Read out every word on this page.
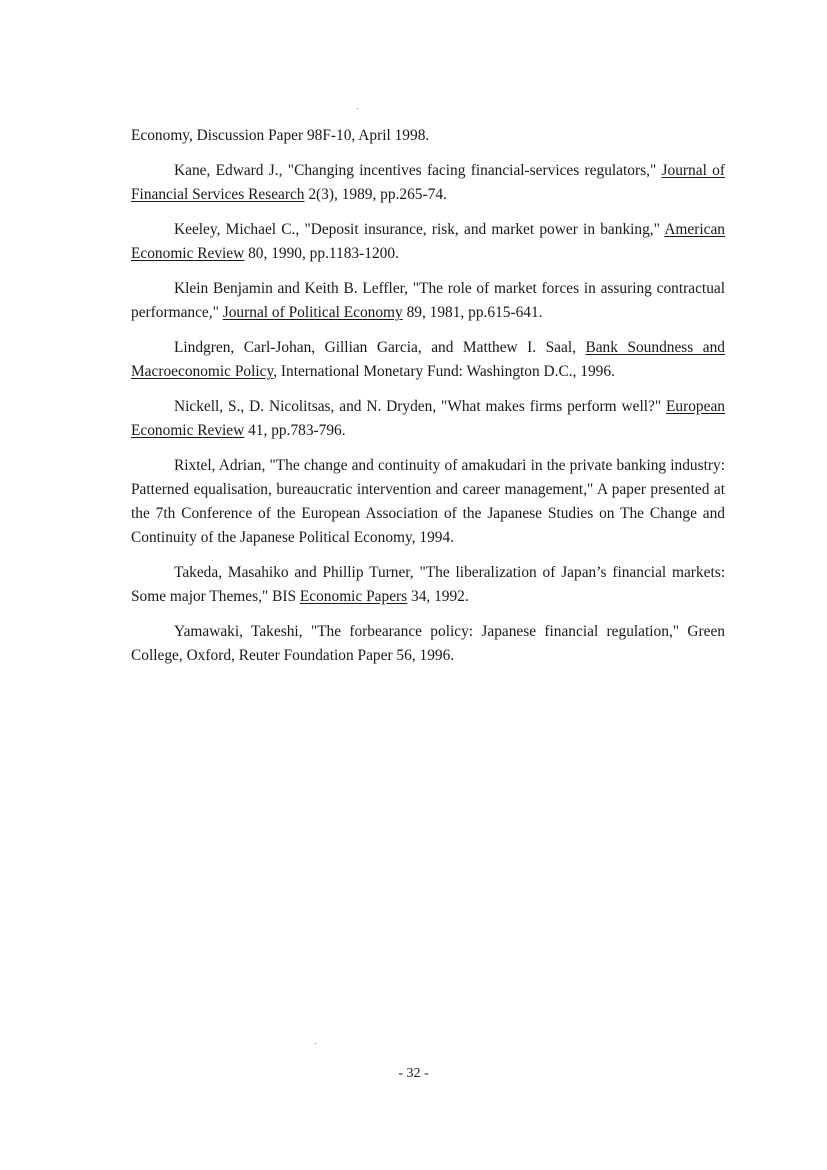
Economy, Discussion Paper 98F-10, April 1998.

Kane, Edward J., "Changing incentives facing financial-services regulators," Journal of Financial Services Research 2(3), 1989, pp.265-74.

Keeley, Michael C., "Deposit insurance, risk, and market power in banking," American Economic Review 80, 1990, pp.1183-1200.

Klein Benjamin and Keith B. Leffler, "The role of market forces in assuring contractual performance," Journal of Political Economy 89, 1981, pp.615-641.

Lindgren, Carl-Johan, Gillian Garcia, and Matthew I. Saal, Bank Soundness and Macroeconomic Policy, International Monetary Fund: Washington D.C., 1996.

Nickell, S., D. Nicolitsas, and N. Dryden, "What makes firms perform well?" European Economic Review 41, pp.783-796.

Rixtel, Adrian, "The change and continuity of amakudari in the private banking industry: Patterned equalisation, bureaucratic intervention and career management," A paper presented at the 7th Conference of the European Association of the Japanese Studies on The Change and Continuity of the Japanese Political Economy, 1994.

Takeda, Masahiko and Phillip Turner, "The liberalization of Japan’s financial markets: Some major Themes," BIS Economic Papers 34, 1992.

Yamawaki, Takeshi, "The forbearance policy: Japanese financial regulation," Green College, Oxford, Reuter Foundation Paper 56, 1996.

- 32 -
